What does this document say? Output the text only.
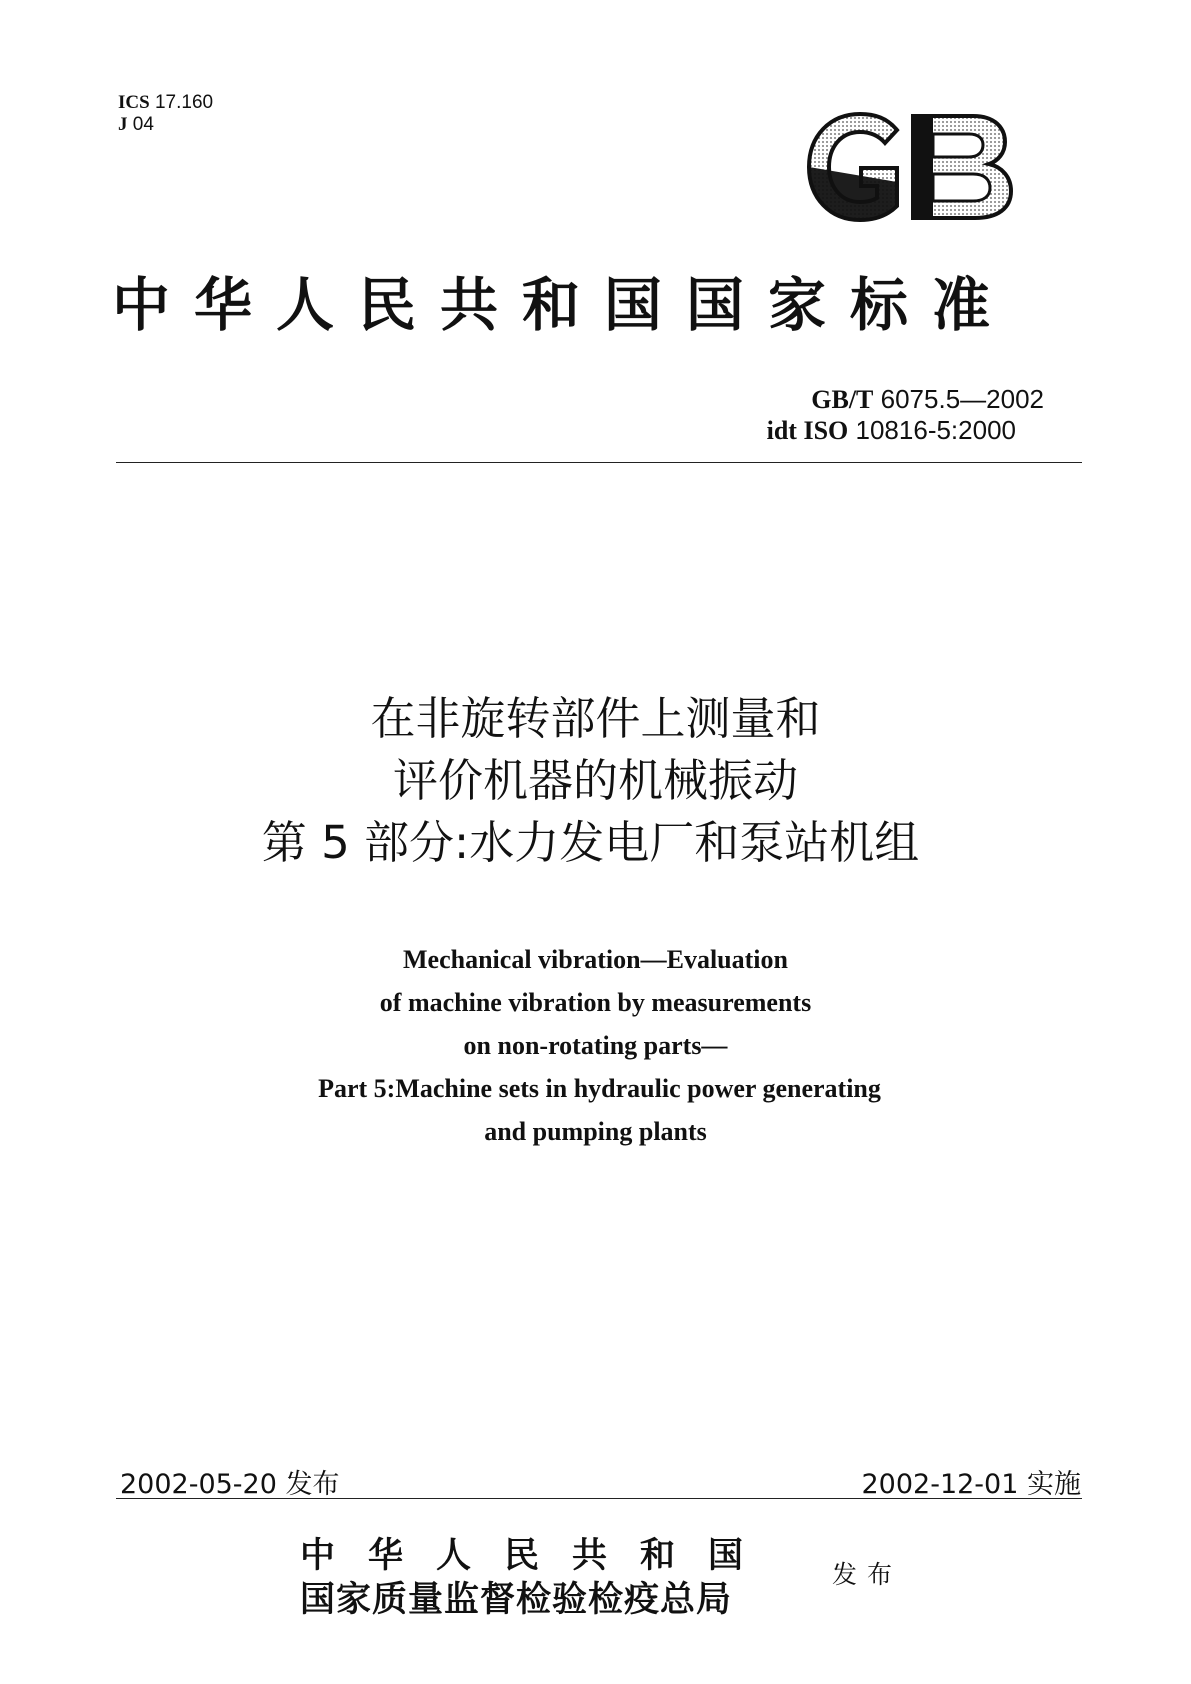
ICS 17.160
J 04
中华人民共和国国家标准
GB/T 6075.5—2002
idt ISO 10816-5:2000
在非旋转部件上测量和
评价机器的机械振动
第 5 部分:水力发电厂和泵站机组
Mechanical vibration—Evaluation
of machine vibration by measurements
on non-rotating parts—
Part 5:Machine sets in hydraulic power generating
and pumping plants
2002-05-20 发布	2002-12-01 实施
中华人民共和国
国家质量监督检验检疫总局
发布
